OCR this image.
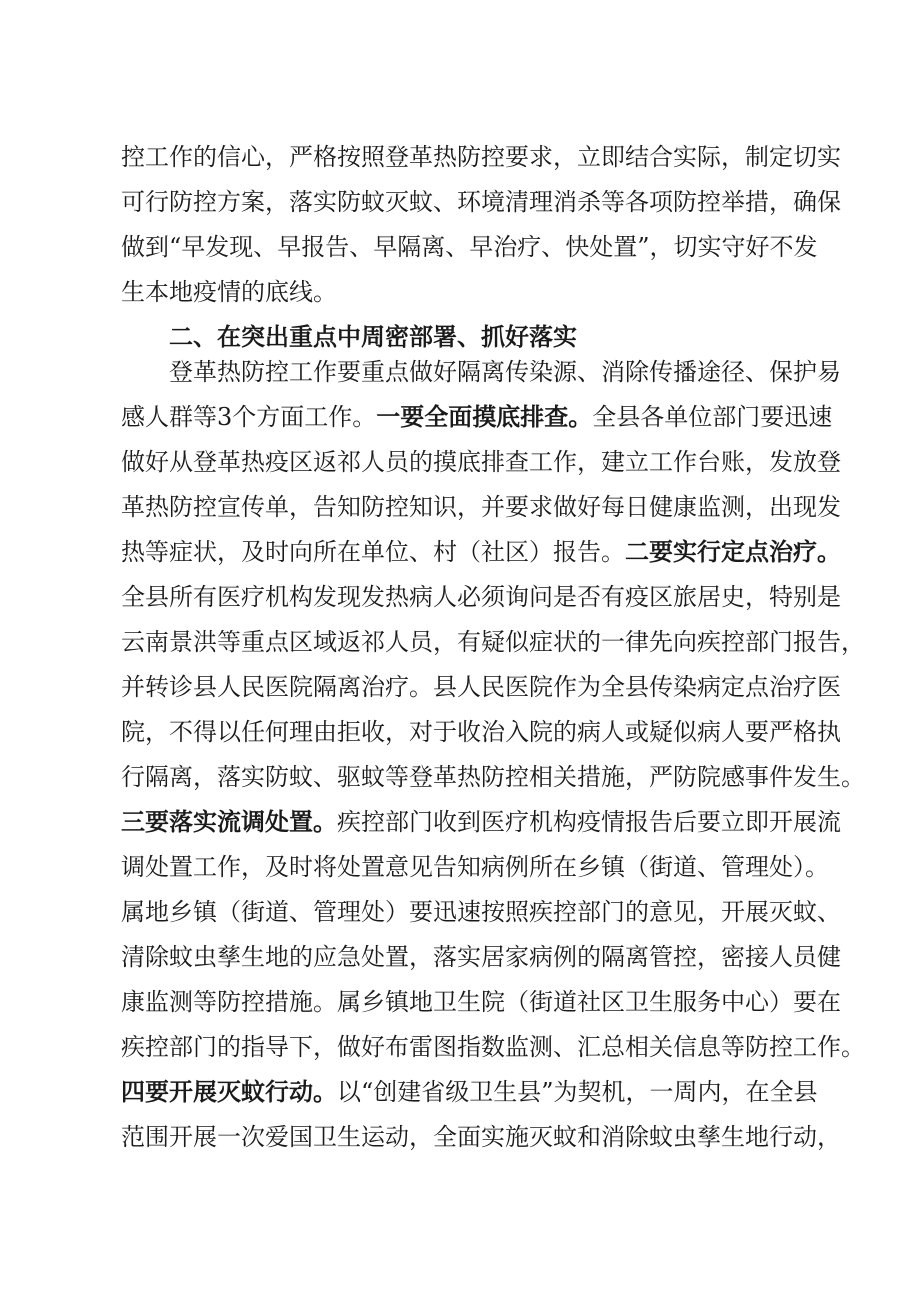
控工作的信心，严格按照登革热防控要求，立即结合实际，制定切实
可行防控方案，落实防蚊灭蚊、环境清理消杀等各项防控举措，确保
做到“早发现、早报告、早隔离、早治疗、快处置”，切实守好不发
生本地疫情的底线。
二、在突出重点中周密部署、抓好落实
登革热防控工作要重点做好隔离传染源、消除传播途径、保护易
感人群等3个方面工作。一要全面摸底排查。全县各单位部门要迅速
做好从登革热疫区返祁人员的摸底排查工作，建立工作台账，发放登
革热防控宣传单，告知防控知识，并要求做好每日健康监测，出现发
热等症状，及时向所在单位、村（社区）报告。二要实行定点治疗。
全县所有医疗机构发现发热病人必须询问是否有疫区旅居史，特别是
云南景洪等重点区域返祁人员，有疑似症状的一律先向疾控部门报告，
并转诊县人民医院隔离治疗。县人民医院作为全县传染病定点治疗医
院，不得以任何理由拒收，对于收治入院的病人或疑似病人要严格执
行隔离，落实防蚊、驱蚊等登革热防控相关措施，严防院感事件发生。
三要落实流调处置。疾控部门收到医疗机构疫情报告后要立即开展流
调处置工作，及时将处置意见告知病例所在乡镇（街道、管理处）。
属地乡镇（街道、管理处）要迅速按照疾控部门的意见，开展灭蚊、
清除蚊虫孳生地的应急处置，落实居家病例的隔离管控，密接人员健
康监测等防控措施。属乡镇地卫生院（街道社区卫生服务中心）要在
疾控部门的指导下，做好布雷图指数监测、汇总相关信息等防控工作。
四要开展灭蚊行动。以“创建省级卫生县”为契机，一周内，在全县
范围开展一次爱国卫生运动，全面实施灭蚊和消除蚊虫孳生地行动，
